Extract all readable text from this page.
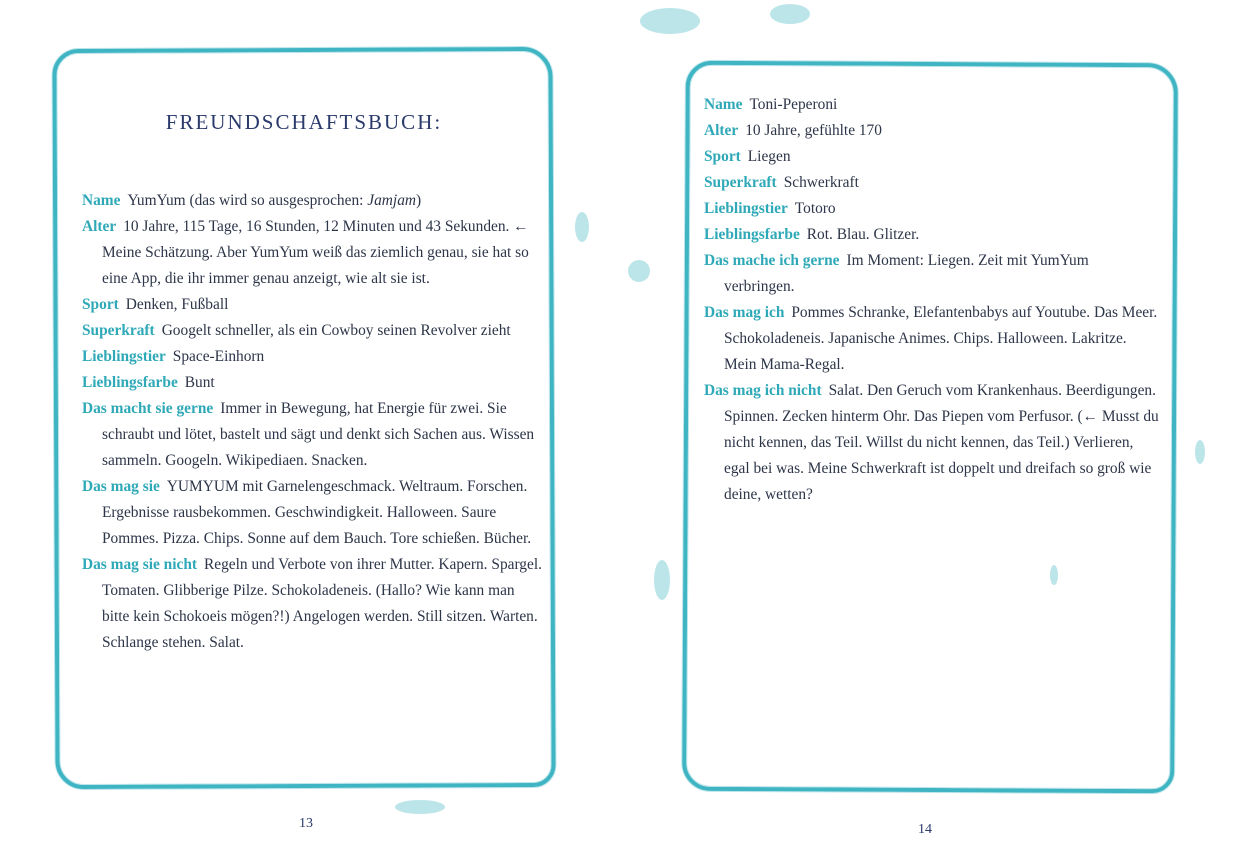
FREUNDSCHAFTSBUCH:

Name YumYum (das wird so ausgesprochen: Jamjam)

Alter 10 Jahre, 115 Tage, 16 Stunden, 12 Minuten und 43 Sekunden. ← Meine Schätzung. Aber YumYum weiß das ziemlich genau, sie hat so eine App, die ihr immer genau anzeigt, wie alt sie ist.

Sport Denken, Fußball

Superkraft Googelt schneller, als ein Cowboy seinen Revolver zieht

Lieblingstier Space-Einhorn

Lieblingsfarbe Bunt

Das macht sie gerne Immer in Bewegung, hat Energie für zwei. Sie schraubt und lötet, bastelt und sägt und denkt sich Sachen aus. Wissen sammeln. Googeln. Wikipediaen. Snacken.

Das mag sie YUMYUM mit Garnelengeschmack. Weltraum. Forschen. Ergebnisse rausbekommen. Geschwindigkeit. Halloween. Saure Pommes. Pizza. Chips. Sonne auf dem Bauch. Tore schießen. Bücher.

Das mag sie nicht Regeln und Verbote von ihrer Mutter. Kapern. Spargel. Tomaten. Glibberige Pilze. Schokoladeneis. (Hallo? Wie kann man bitte kein Schokoeis mögen?!) Angelogen werden. Still sitzen. Warten. Schlange stehen. Salat.

13

Name Toni-Peperoni

Alter 10 Jahre, gefühlte 170

Sport Liegen

Superkraft Schwerkraft

Lieblingstier Totoro

Lieblingsfarbe Rot. Blau. Glitzer.

Das mache ich gerne Im Moment: Liegen. Zeit mit YumYum verbringen.

Das mag ich Pommes Schranke, Elefantenbabys auf Youtube. Das Meer. Schokoladeneis. Japanische Animes. Chips. Halloween. Lakritze. Mein Mama-Regal.

Das mag ich nicht Salat. Den Geruch vom Krankenhaus. Beerdigungen. Spinnen. Zecken hinterm Ohr. Das Piepen vom Perfusor. (← Musst du nicht kennen, das Teil. Willst du nicht kennen, das Teil.) Verlieren, egal bei was. Meine Schwerkraft ist doppelt und dreifach so groß wie deine, wetten?

14
